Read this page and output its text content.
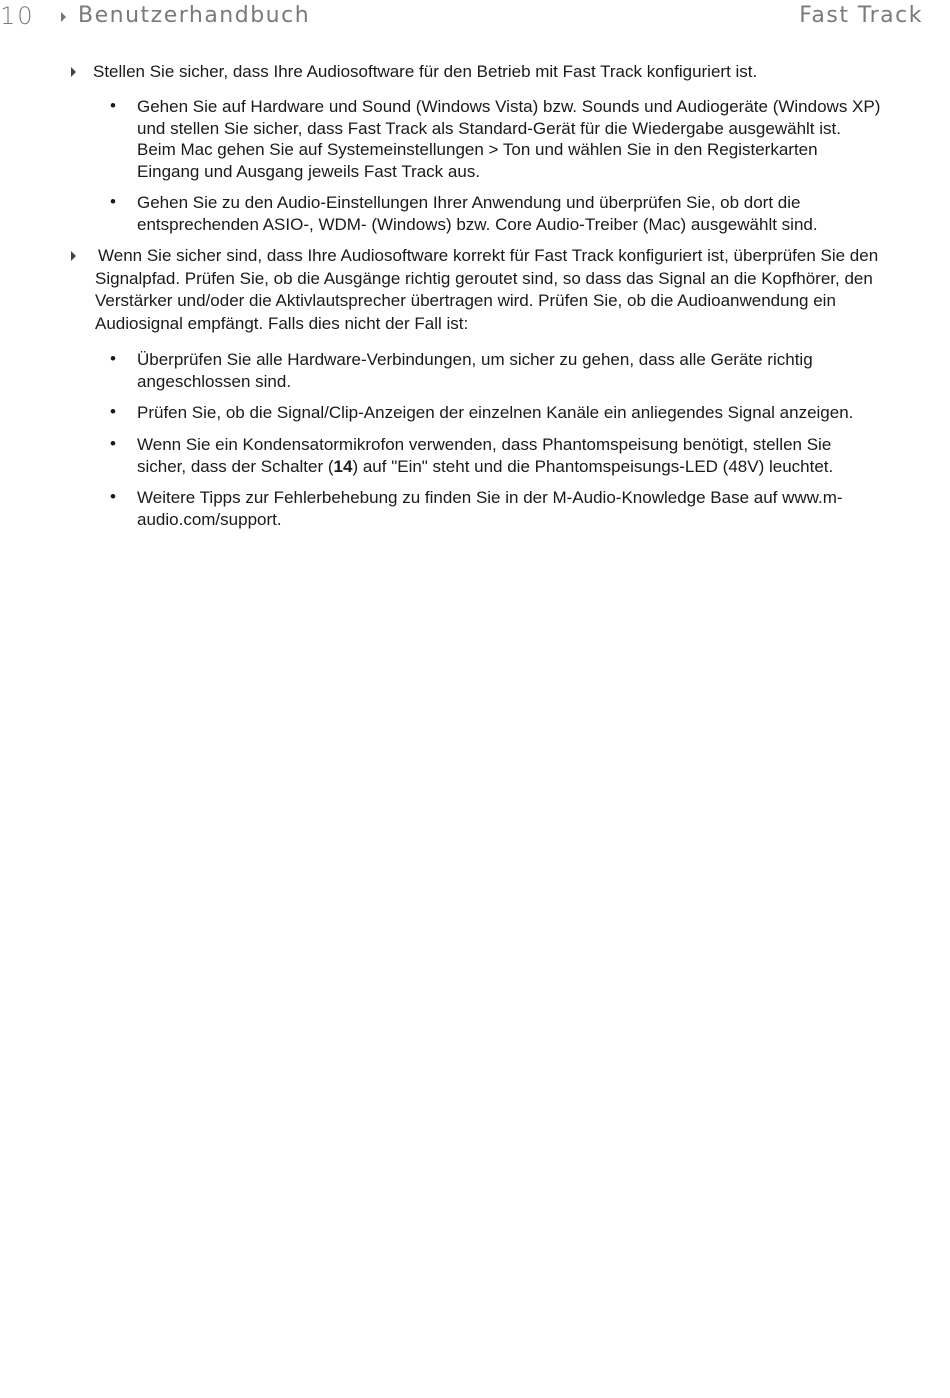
10 Benutzerhandbuch	Fast Track
Stellen Sie sicher, dass Ihre Audiosoftware für den Betrieb mit Fast Track konfiguriert ist.
• Gehen Sie auf Hardware und Sound (Windows Vista) bzw. Sounds und Audiogeräte (Windows XP) und stellen Sie sicher, dass Fast Track als Standard-Gerät für die Wiedergabe ausgewählt ist. Beim Mac gehen Sie auf Systemeinstellungen > Ton und wählen Sie in den Registerkarten Eingang und Ausgang jeweils Fast Track aus.
• Gehen Sie zu den Audio-Einstellungen Ihrer Anwendung und überprüfen Sie, ob dort die entsprechenden ASIO-, WDM- (Windows) bzw. Core Audio-Treiber (Mac) ausgewählt sind.
Wenn Sie sicher sind, dass Ihre Audiosoftware korrekt für Fast Track konfiguriert ist, überprüfen Sie den Signalpfad. Prüfen Sie, ob die Ausgänge richtig geroutet sind, so dass das Signal an die Kopfhörer, den Verstärker und/oder die Aktivlautsprecher übertragen wird. Prüfen Sie, ob die Audioanwendung ein Audiosignal empfängt. Falls dies nicht der Fall ist:
• Überprüfen Sie alle Hardware-Verbindungen, um sicher zu gehen, dass alle Geräte richtig angeschlossen sind.
• Prüfen Sie, ob die Signal/Clip-Anzeigen der einzelnen Kanäle ein anliegendes Signal anzeigen.
• Wenn Sie ein Kondensatormikrofon verwenden, dass Phantomspeisung benötigt, stellen Sie sicher, dass der Schalter (14) auf "Ein" steht und die Phantomspeisungs-LED (48V) leuchtet.
• Weitere Tipps zur Fehlerbehebung zu finden Sie in der M-Audio-Knowledge Base auf www.m-audio.com/support.
